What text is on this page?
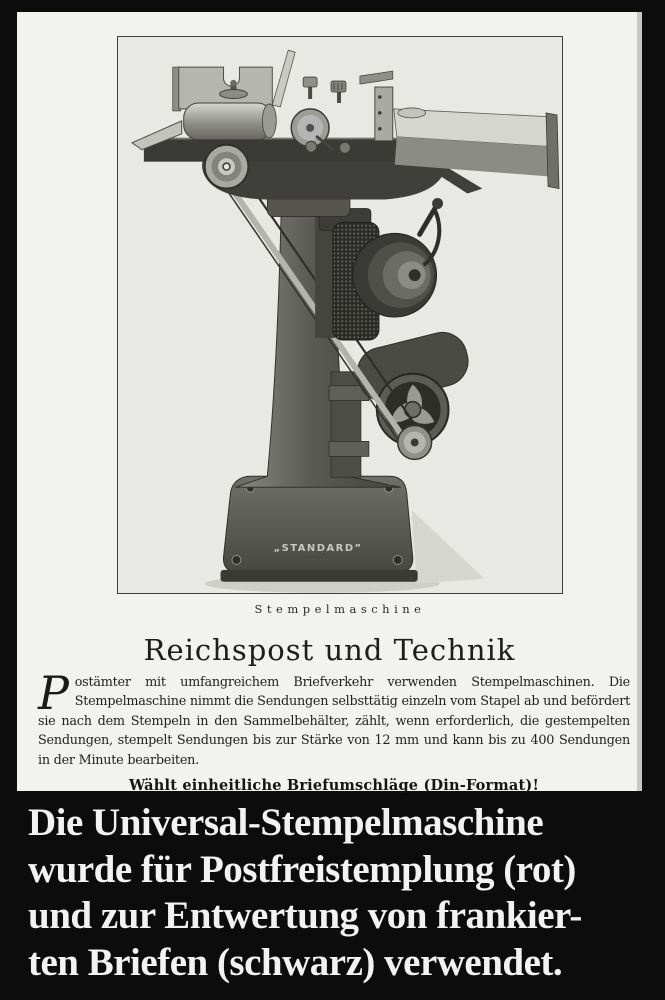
„STANDARD”
· · · ·
Stempelmaschine
Reichspost und Technik
Postämter mit umfangreichem Briefverkehr verwenden Stempelmaschinen. Die Stempelmaschine nimmt die Sendungen selbsttätig einzeln vom Stapel ab und befördert sie nach dem Stempeln in den Sammelbehälter, zählt, wenn erforderlich, die gestempelten Sendungen, stempelt Sendungen bis zur Stärke von 12 mm und kann bis zu 400 Sendungen in der Minute bearbeiten.
Wählt einheitliche Briefumschläge (Din-Format)!
Die Universal-Stempelmaschine
wurde für Postfreistemplung (rot)
und zur Entwertung von frankier-
ten Briefen (schwarz) verwendet.
